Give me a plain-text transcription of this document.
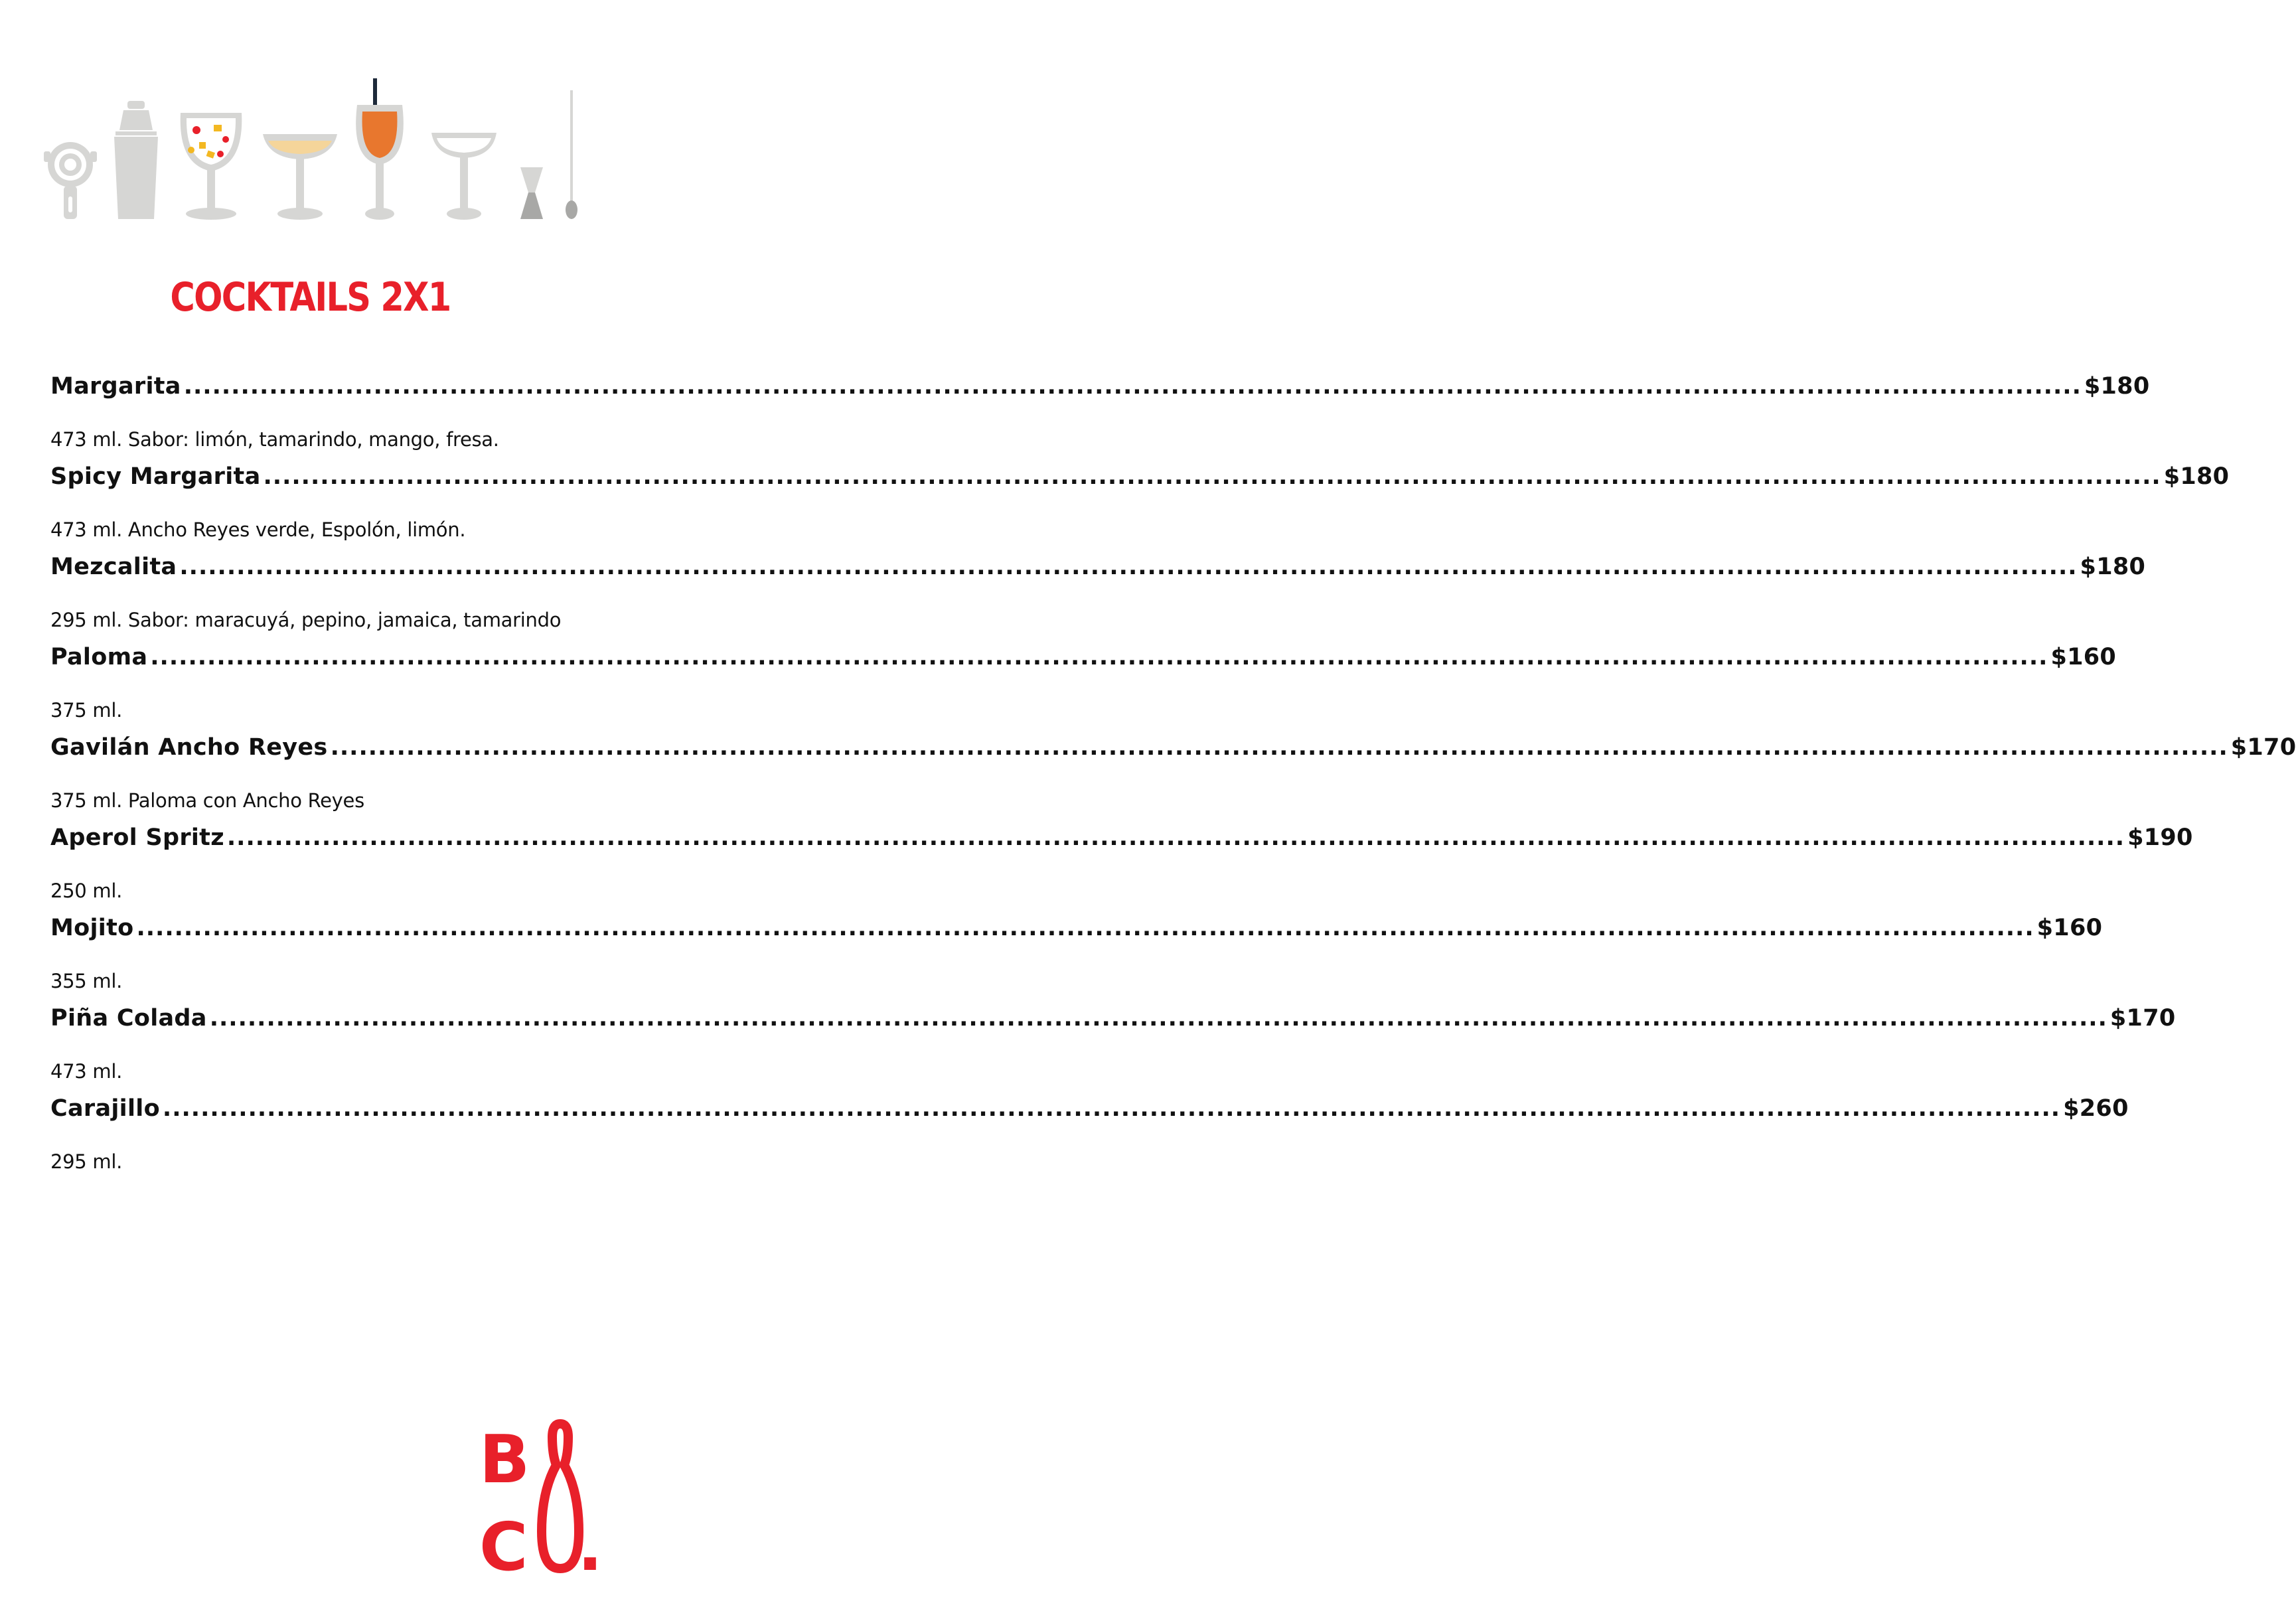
COCKTAILS 2X1
Margarita ........................................................................................................................................................................................................ $180
473 ml. Sabor: limón, tamarindo, mango, fresa.
Spicy Margarita ........................................................................................................................................................................................................ $180
473 ml. Ancho Reyes verde, Espolón, limón.
Mezcalita ........................................................................................................................................................................................................ $180
295 ml. Sabor: maracuyá, pepino, jamaica, tamarindo
Paloma ........................................................................................................................................................................................................ $160
375 ml.
Gavilán Ancho Reyes ........................................................................................................................................................................................................ $170
375 ml. Paloma con Ancho Reyes
Aperol Spritz ........................................................................................................................................................................................................ $190
250 ml.
Mojito ........................................................................................................................................................................................................ $160
355 ml.
Piña Colada ........................................................................................................................................................................................................ $170
473 ml.
Carajillo ........................................................................................................................................................................................................ $260
295 ml.
B
C .
